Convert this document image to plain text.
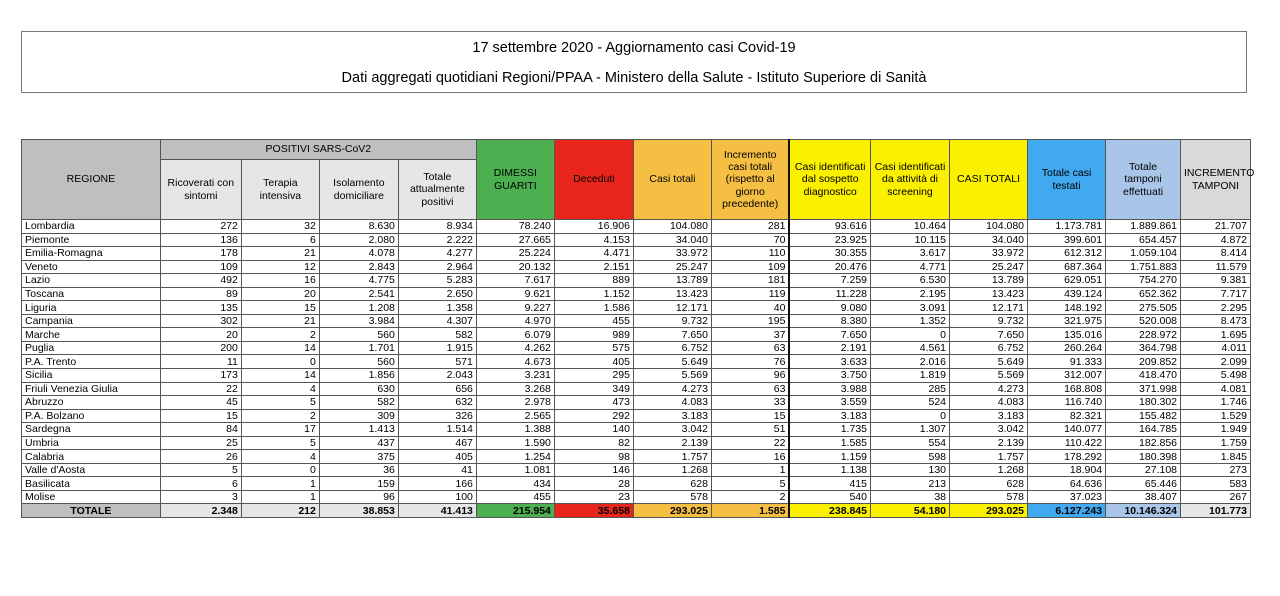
17 settembre 2020 - Aggiornamento casi Covid-19
Dati aggregati quotidiani Regioni/PPAA - Ministero della Salute - Istituto Superiore di Sanità
REGIONE	POSITIVI SARS-CoV2				DIMESSI GUARITI	Deceduti	Casi totali	Incremento casi totali (rispetto al giorno precedente)	Casi identificati dal sospetto diagnostico	Casi identificati da attività di screening	CASI TOTALI	Totale casi testati	Totale tamponi effettuati	INCREMENTO TAMPONI
	Ricoverati con sintomi	Terapia intensiva	Isolamento domiciliare	Totale attualmente positivi										
Lombardia	272	32	8.630	8.934	78.240	16.906	104.080	281	93.616	10.464	104.080	1.173.781	1.889.861	21.707
Piemonte	136	6	2.080	2.222	27.665	4.153	34.040	70	23.925	10.115	34.040	399.601	654.457	4.872
Emilia-Romagna	178	21	4.078	4.277	25.224	4.471	33.972	110	30.355	3.617	33.972	612.312	1.059.104	8.414
Veneto	109	12	2.843	2.964	20.132	2.151	25.247	109	20.476	4.771	25.247	687.364	1.751.883	11.579
Lazio	492	16	4.775	5.283	7.617	889	13.789	181	7.259	6.530	13.789	629.051	754.270	9.381
Toscana	89	20	2.541	2.650	9.621	1.152	13.423	119	11.228	2.195	13.423	439.124	652.362	7.717
Liguria	135	15	1.208	1.358	9.227	1.586	12.171	40	9.080	3.091	12.171	148.192	275.505	2.295
Campania	302	21	3.984	4.307	4.970	455	9.732	195	8.380	1.352	9.732	321.975	520.008	8.473
Marche	20	2	560	582	6.079	989	7.650	37	7.650	0	7.650	135.016	228.972	1.695
Puglia	200	14	1.701	1.915	4.262	575	6.752	63	2.191	4.561	6.752	260.264	364.798	4.011
P.A. Trento	11	0	560	571	4.673	405	5.649	76	3.633	2.016	5.649	91.333	209.852	2.099
Sicilia	173	14	1.856	2.043	3.231	295	5.569	96	3.750	1.819	5.569	312.007	418.470	5.498
Friuli Venezia Giulia	22	4	630	656	3.268	349	4.273	63	3.988	285	4.273	168.808	371.998	4.081
Abruzzo	45	5	582	632	2.978	473	4.083	33	3.559	524	4.083	116.740	180.302	1.746
P.A. Bolzano	15	2	309	326	2.565	292	3.183	15	3.183	0	3.183	82.321	155.482	1.529
Sardegna	84	17	1.413	1.514	1.388	140	3.042	51	1.735	1.307	3.042	140.077	164.785	1.949
Umbria	25	5	437	467	1.590	82	2.139	22	1.585	554	2.139	110.422	182.856	1.759
Calabria	26	4	375	405	1.254	98	1.757	16	1.159	598	1.757	178.292	180.398	1.845
Valle d'Aosta	5	0	36	41	1.081	146	1.268	1	1.138	130	1.268	18.904	27.108	273
Basilicata	6	1	159	166	434	28	628	5	415	213	628	64.636	65.446	583
Molise	3	1	96	100	455	23	578	2	540	38	578	37.023	38.407	267
TOTALE	2.348	212	38.853	41.413	215.954	35.658	293.025	1.585	238.845	54.180	293.025	6.127.243	10.146.324	101.773
